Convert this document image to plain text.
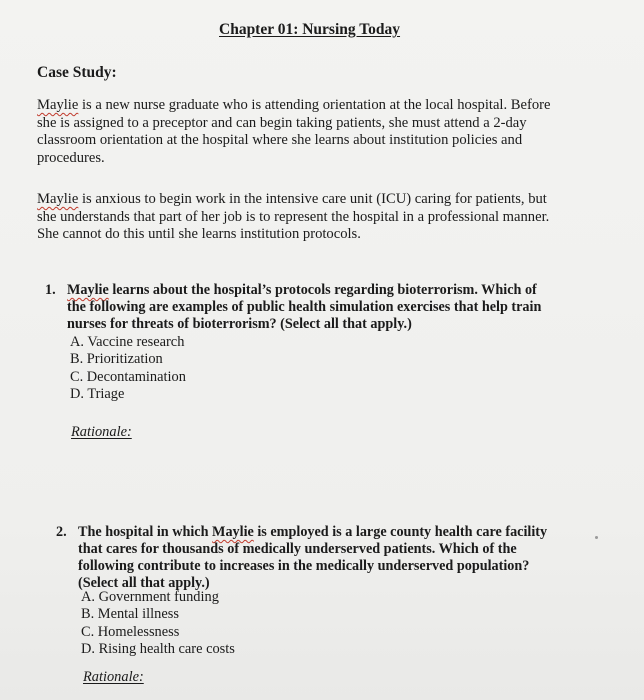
Chapter 01: Nursing Today
Case Study:
Maylie is a new nurse graduate who is attending orientation at the local hospital. Before
she is assigned to a preceptor and can begin taking patients, she must attend a 2-day
classroom orientation at the hospital where she learns about institution policies and
procedures.
Maylie is anxious to begin work in the intensive care unit (ICU) caring for patients, but
she understands that part of her job is to represent the hospital in a professional manner.
She cannot do this until she learns institution protocols.
1. Maylie learns about the hospital’s protocols regarding bioterrorism. Which of
the following are examples of public health simulation exercises that help train
nurses for threats of bioterrorism? (Select all that apply.)
A. Vaccine research
B. Prioritization
C. Decontamination
D. Triage
Rationale:
2. The hospital in which Maylie is employed is a large county health care facility
that cares for thousands of medically underserved patients. Which of the
following contribute to increases in the medically underserved population?
(Select all that apply.)
A. Government funding
B. Mental illness
C. Homelessness
D. Rising health care costs
Rationale:
